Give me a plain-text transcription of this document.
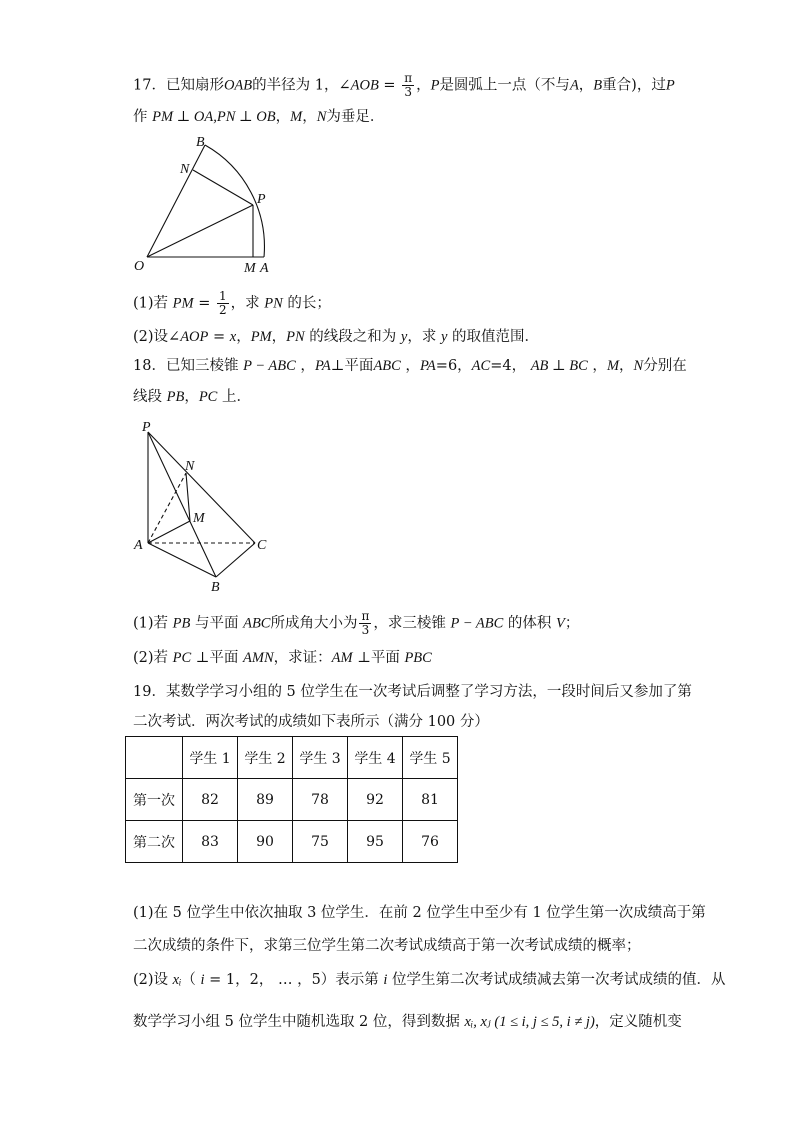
17．已知扇形OAB的半径为 1，∠AOB = $\frac{\pi}{3}$ ，P是圆弧上一点（不与A，B重合)，过P
作 PM ⊥ OA,PN ⊥ OB，M，N为垂足．
B
N
P
O	M A
(1)若 PM = $\frac{1}{2}$ ，求 PN 的长；
(2)设∠AOP = x，PM，PN 的线段之和为 y，求 y 的取值范围．
18．已知三棱锥 P − ABC ，PA⊥平面ABC ，PA=6，AC=4， AB ⊥ BC ，M，N分别在
线段 PB，PC 上．
P
N
M
A	C
B
(1)若 PB 与平面 ABC所成角大小为 $\frac{\pi}{3}$ ，求三棱锥 P − ABC 的体积 V；
(2)若 PC ⊥平面 AMN，求证：AM ⊥平面 PBC
19．某数学学习小组的 5 位学生在一次考试后调整了学习方法，一段时间后又参加了第
二次考试．两次考试的成绩如下表所示（满分 100 分）
	学生 1	学生 2	学生 3	学生 4	学生 5
第一次	82	89	78	92	81
第二次	83	90	75	95	76
(1)在 5 位学生中依次抽取 3 位学生．在前 2 位学生中至少有 1 位学生第一次成绩高于第
二次成绩的条件下，求第三位学生第二次考试成绩高于第一次考试成绩的概率；
(2)设 xᵢ（ i = 1，2， … ，5）表示第 i 位学生第二次考试成绩减去第一次考试成绩的值．从
数学学习小组 5 位学生中随机选取 2 位，得到数据 xᵢ, xⱼ (1 ≤ i, j ≤ 5, i ≠ j)，定义随机变
